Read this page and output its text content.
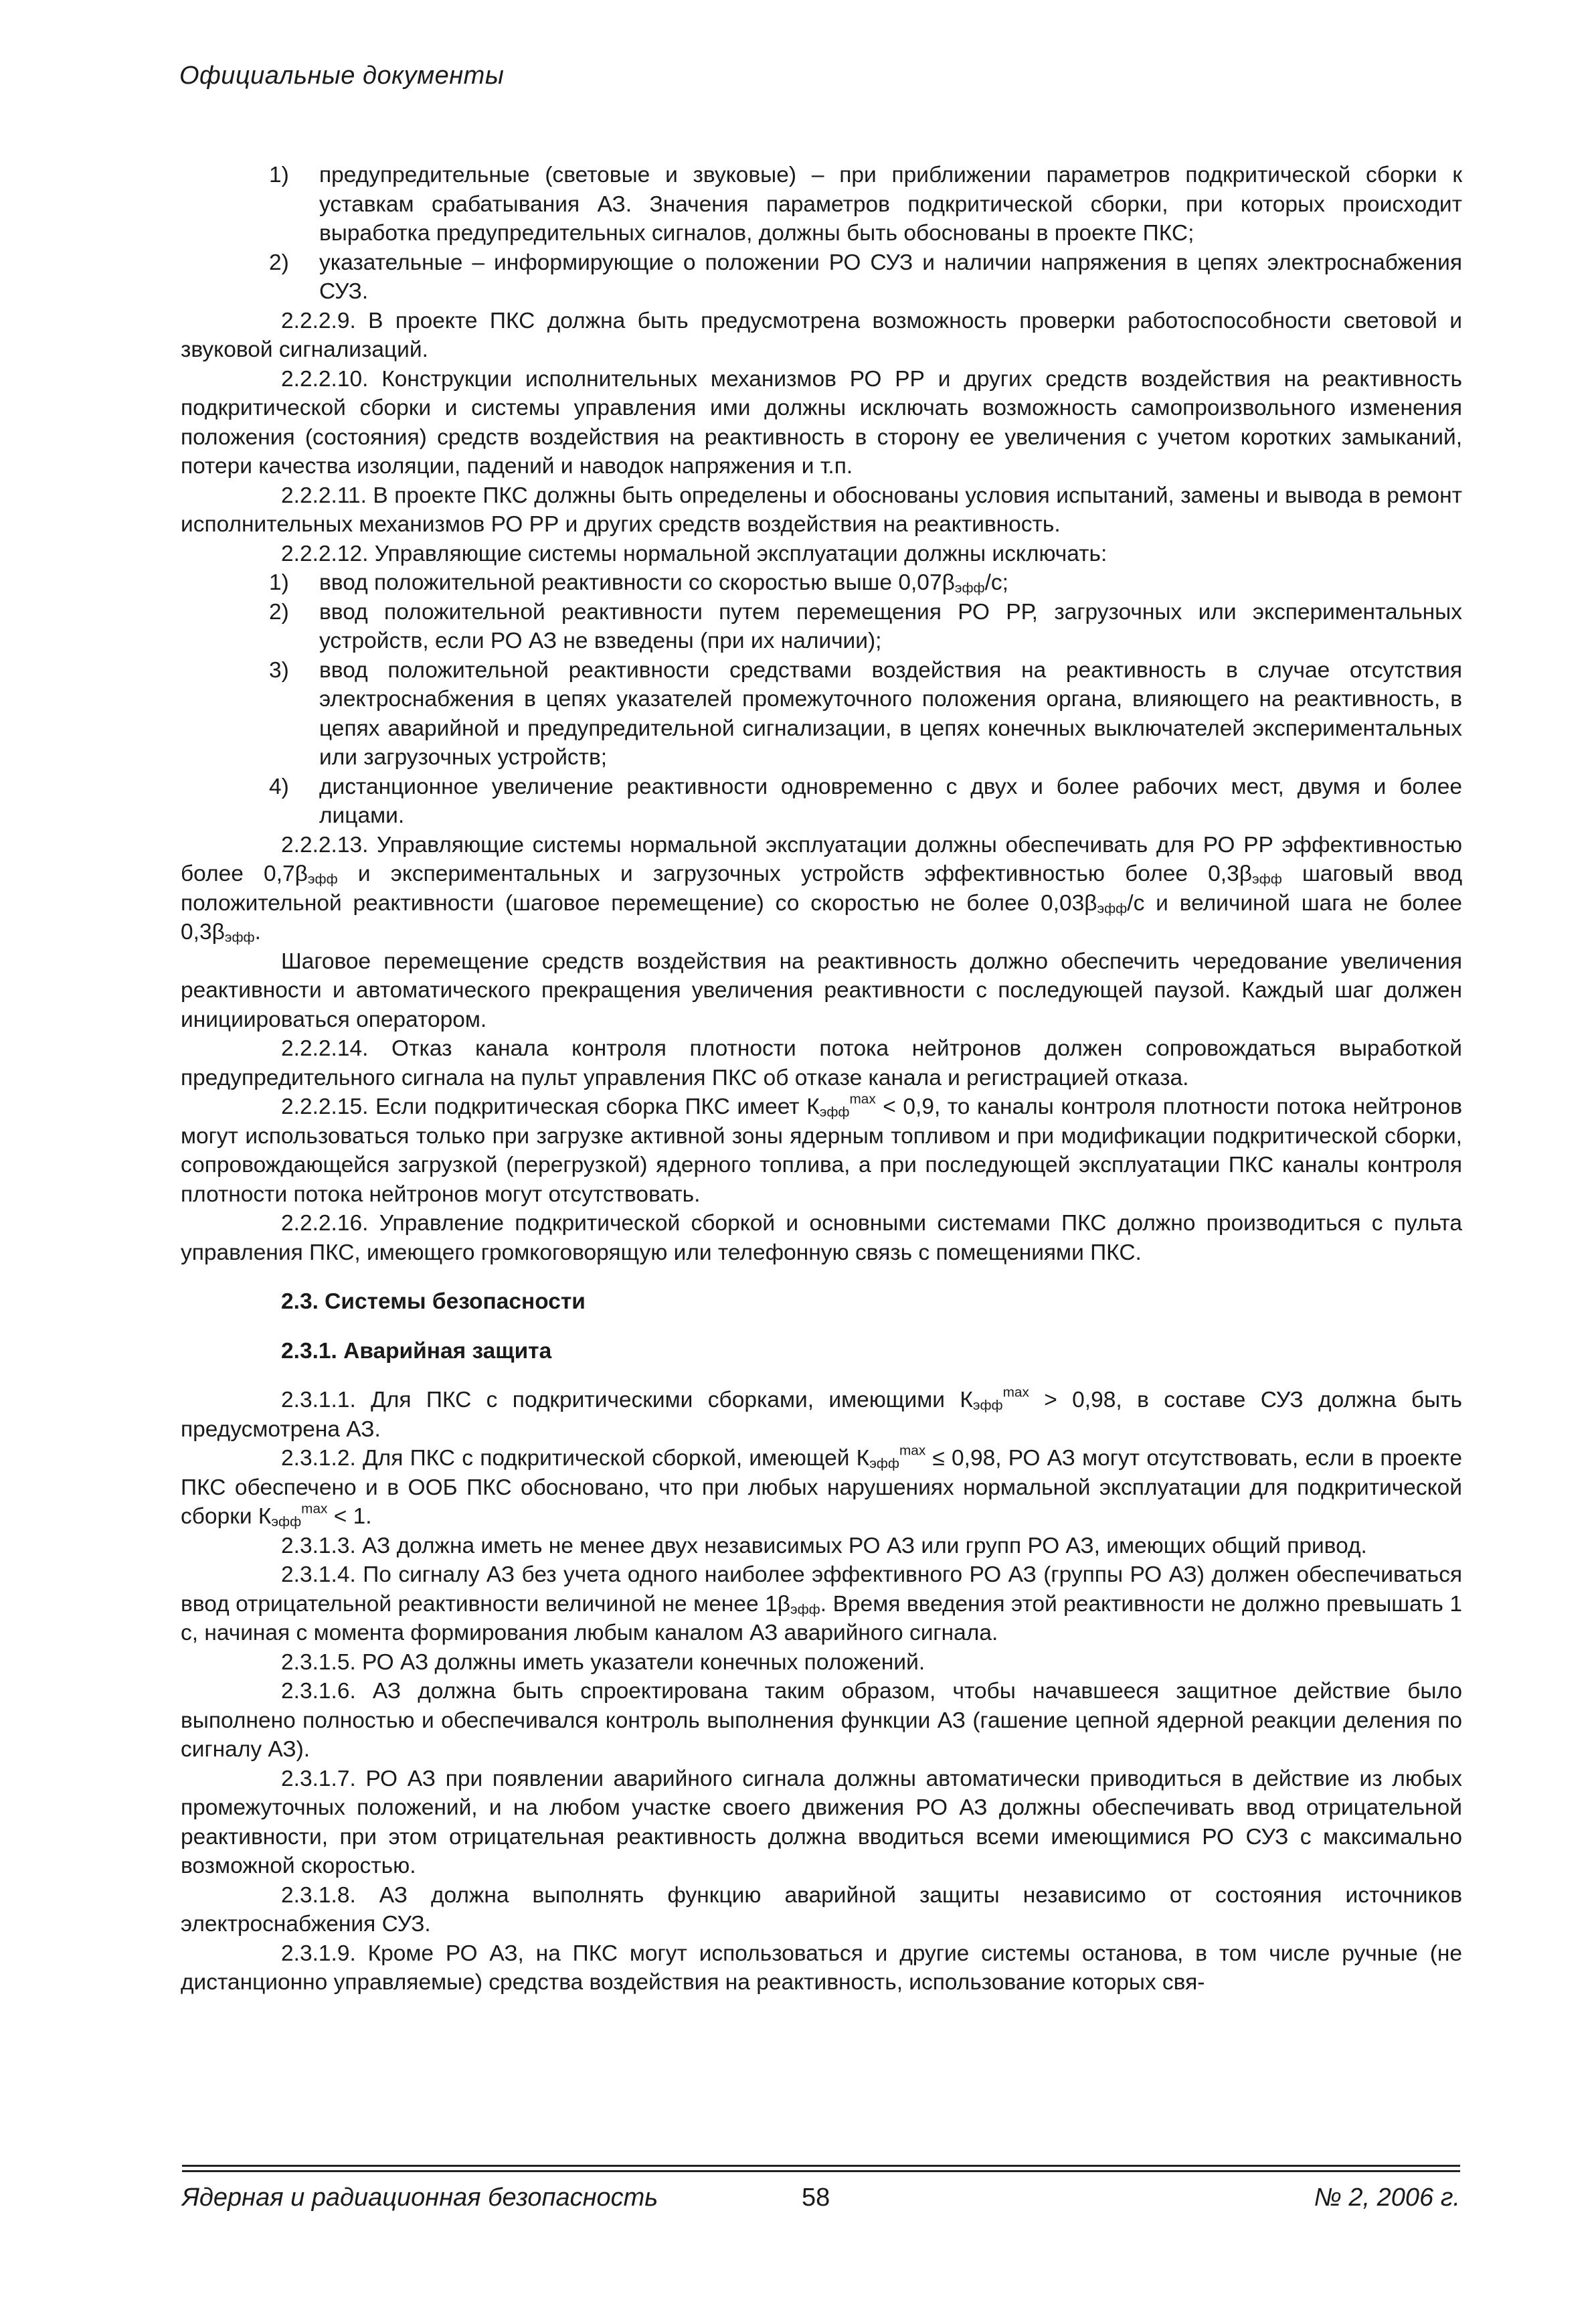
Официальные документы
1)	предупредительные (световые и звуковые) – при приближении параметров подкритической сборки к уставкам срабатывания АЗ. Значения параметров подкритической сборки, при которых происходит выработка предупредительных сигналов, должны быть обоснованы в проекте ПКС;
2)	указательные – информирующие о положении РО СУЗ и наличии напряжения в цепях электроснабжения СУЗ.

2.2.2.9. В проекте ПКС должна быть предусмотрена возможность проверки работоспособности световой и звуковой сигнализаций.

2.2.2.10. Конструкции исполнительных механизмов РО РР и других средств воздействия на реактивность подкритической сборки и системы управления ими должны исключать возможность самопроизвольного изменения положения (состояния) средств воздействия на реактивность в сторону ее увеличения с учетом коротких замыканий, потери качества изоляции, падений и наводок напряжения и т.п.

2.2.2.11. В проекте ПКС должны быть определены и обоснованы условия испытаний, замены и вывода в ремонт исполнительных механизмов РО РР и других средств воздействия на реактивность.

2.2.2.12. Управляющие системы нормальной эксплуатации должны исключать:

1)	ввод положительной реактивности со скоростью выше $0,07\beta_{эфф}/с$;
2)	ввод положительной реактивности путем перемещения РО РР, загрузочных или экспериментальных устройств, если РО АЗ не взведены (при их наличии);
3)	ввод положительной реактивности средствами воздействия на реактивность в случае отсутствия электроснабжения в цепях указателей промежуточного положения органа, влияющего на реактивность, в цепях аварийной и предупредительной сигнализации, в цепях конечных выключателей экспериментальных или загрузочных устройств;
4)	дистанционное увеличение реактивности одновременно с двух и более рабочих мест, двумя и более лицами.

2.2.2.13. Управляющие системы нормальной эксплуатации должны обеспечивать для РО РР эффективностью более $0,7\beta_{эфф}$ и экспериментальных и загрузочных устройств эффективностью более $0,3\beta_{эфф}$ шаговый ввод положительной реактивности (шаговое перемещение) со скоростью не более $0,03\beta_{эфф}/с$ и величиной шага не более $0,3\beta_{эфф}$.

Шаговое перемещение средств воздействия на реактивность должно обеспечить чередование увеличения реактивности и автоматического прекращения увеличения реактивности с последующей паузой. Каждый шаг должен инициироваться оператором.

2.2.2.14. Отказ канала контроля плотности потока нейтронов должен сопровождаться выработкой предупредительного сигнала на пульт управления ПКС об отказе канала и регистрацией отказа.

2.2.2.15. Если подкритическая сборка ПКС имеет $К_{эфф}^{max} < 0,9$, то каналы контроля плотности потока нейтронов могут использоваться только при загрузке активной зоны ядерным топливом и при модификации подкритической сборки, сопровождающейся загрузкой (перегрузкой) ядерного топлива, а при последующей эксплуатации ПКС каналы контроля плотности потока нейтронов могут отсутствовать.

2.2.2.16. Управление подкритической сборкой и основными системами ПКС должно производиться с пульта управления ПКС, имеющего громкоговорящую или телефонную связь с помещениями ПКС.

2.3. Системы безопасности

2.3.1. Аварийная защита

2.3.1.1. Для ПКС с подкритическими сборками, имеющими $К_{эфф}^{max} > 0,98$, в составе СУЗ должна быть предусмотрена АЗ.

2.3.1.2. Для ПКС с подкритической сборкой, имеющей $К_{эфф}^{max} \le 0,98$, РО АЗ могут отсутствовать, если в проекте ПКС обеспечено и в ООБ ПКС обосновано, что при любых нарушениях нормальной эксплуатации для подкритической сборки $К_{эфф}^{max} < 1$.

2.3.1.3. АЗ должна иметь не менее двух независимых РО АЗ или групп РО АЗ, имеющих общий привод.

2.3.1.4. По сигналу АЗ без учета одного наиболее эффективного РО АЗ (группы РО АЗ) должен обеспечиваться ввод отрицательной реактивности величиной не менее $1\beta_{эфф}$. Время введения этой реактивности не должно превышать 1 с, начиная с момента формирования любым каналом АЗ аварийного сигнала.

2.3.1.5. РО АЗ должны иметь указатели конечных положений.

2.3.1.6. АЗ должна быть спроектирована таким образом, чтобы начавшееся защитное действие было выполнено полностью и обеспечивался контроль выполнения функции АЗ (гашение цепной ядерной реакции деления по сигналу АЗ).

2.3.1.7. РО АЗ при появлении аварийного сигнала должны автоматически приводиться в действие из любых промежуточных положений, и на любом участке своего движения РО АЗ должны обеспечивать ввод отрицательной реактивности, при этом отрицательная реактивность должна вводиться всеми имеющимися РО СУЗ с максимально возможной скоростью.

2.3.1.8. АЗ должна выполнять функцию аварийной защиты независимо от состояния источников электроснабжения СУЗ.

2.3.1.9. Кроме РО АЗ, на ПКС могут использоваться и другие системы останова, в том числе ручные (не дистанционно управляемые) средства воздействия на реактивность, использование которых свя-

Ядерная и радиационная безопасность	58	№ 2, 2006 г.
